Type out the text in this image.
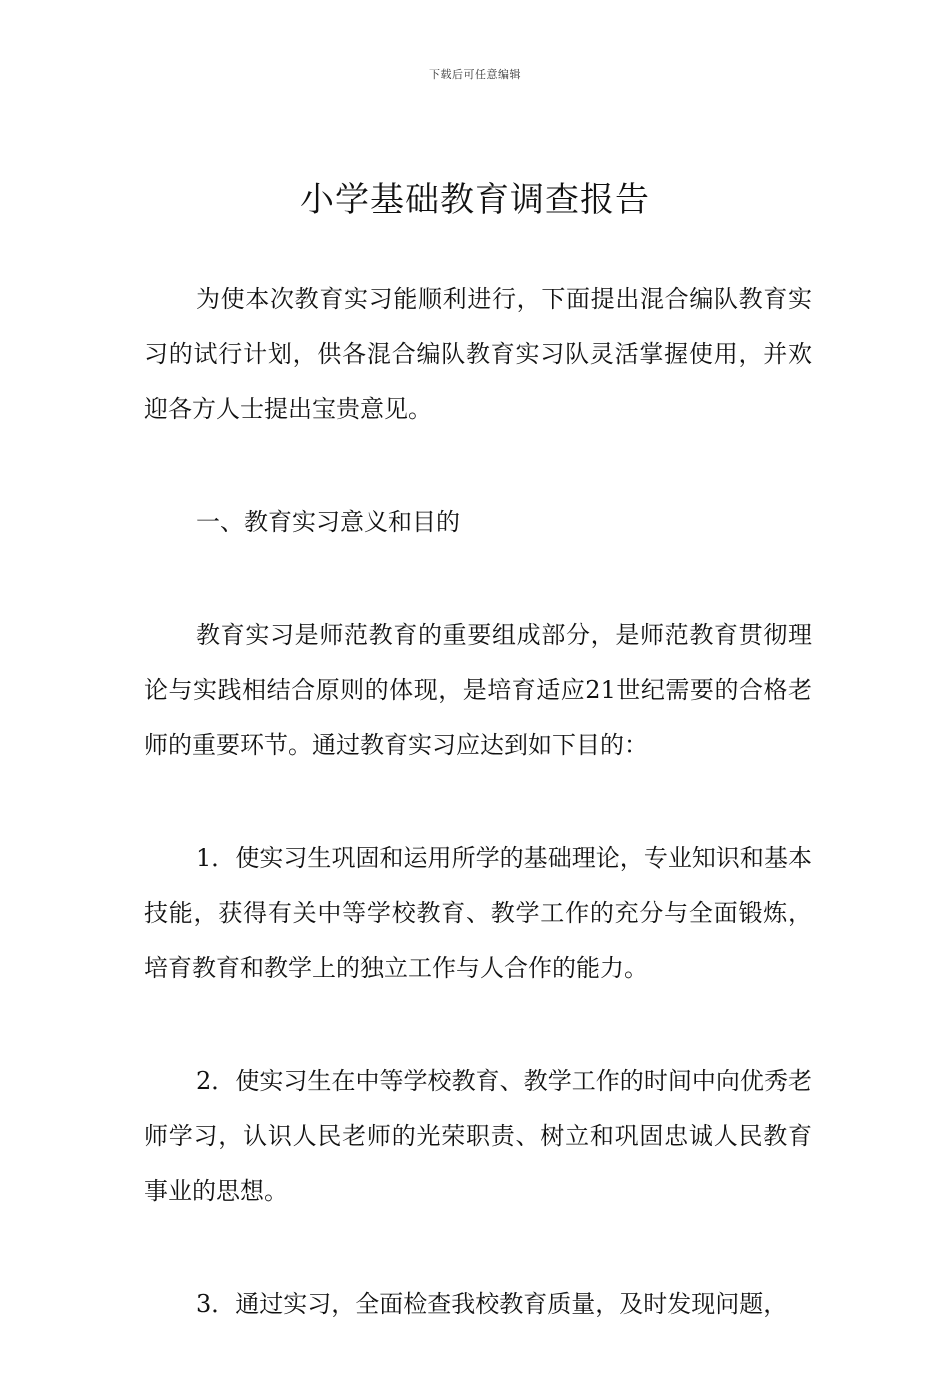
下载后可任意编辑
小学基础教育调查报告

为使本次教育实习能顺利进行，下面提出混合编队教育实习的试行计划，供各混合编队教育实习队灵活掌握使用，并欢迎各方人士提出宝贵意见。

一、教育实习意义和目的

教育实习是师范教育的重要组成部分，是师范教育贯彻理论与实践相结合原则的体现，是培育适应21世纪需要的合格老师的重要环节。通过教育实习应达到如下目的：

1．使实习生巩固和运用所学的基础理论，专业知识和基本技能，获得有关中等学校教育、教学工作的充分与全面锻炼，培育教育和教学上的独立工作与人合作的能力。

2．使实习生在中等学校教育、教学工作的时间中向优秀老师学习，认识人民老师的光荣职责、树立和巩固忠诚人民教育事业的思想。

3．通过实习，全面检查我校教育质量，及时发现问题，
